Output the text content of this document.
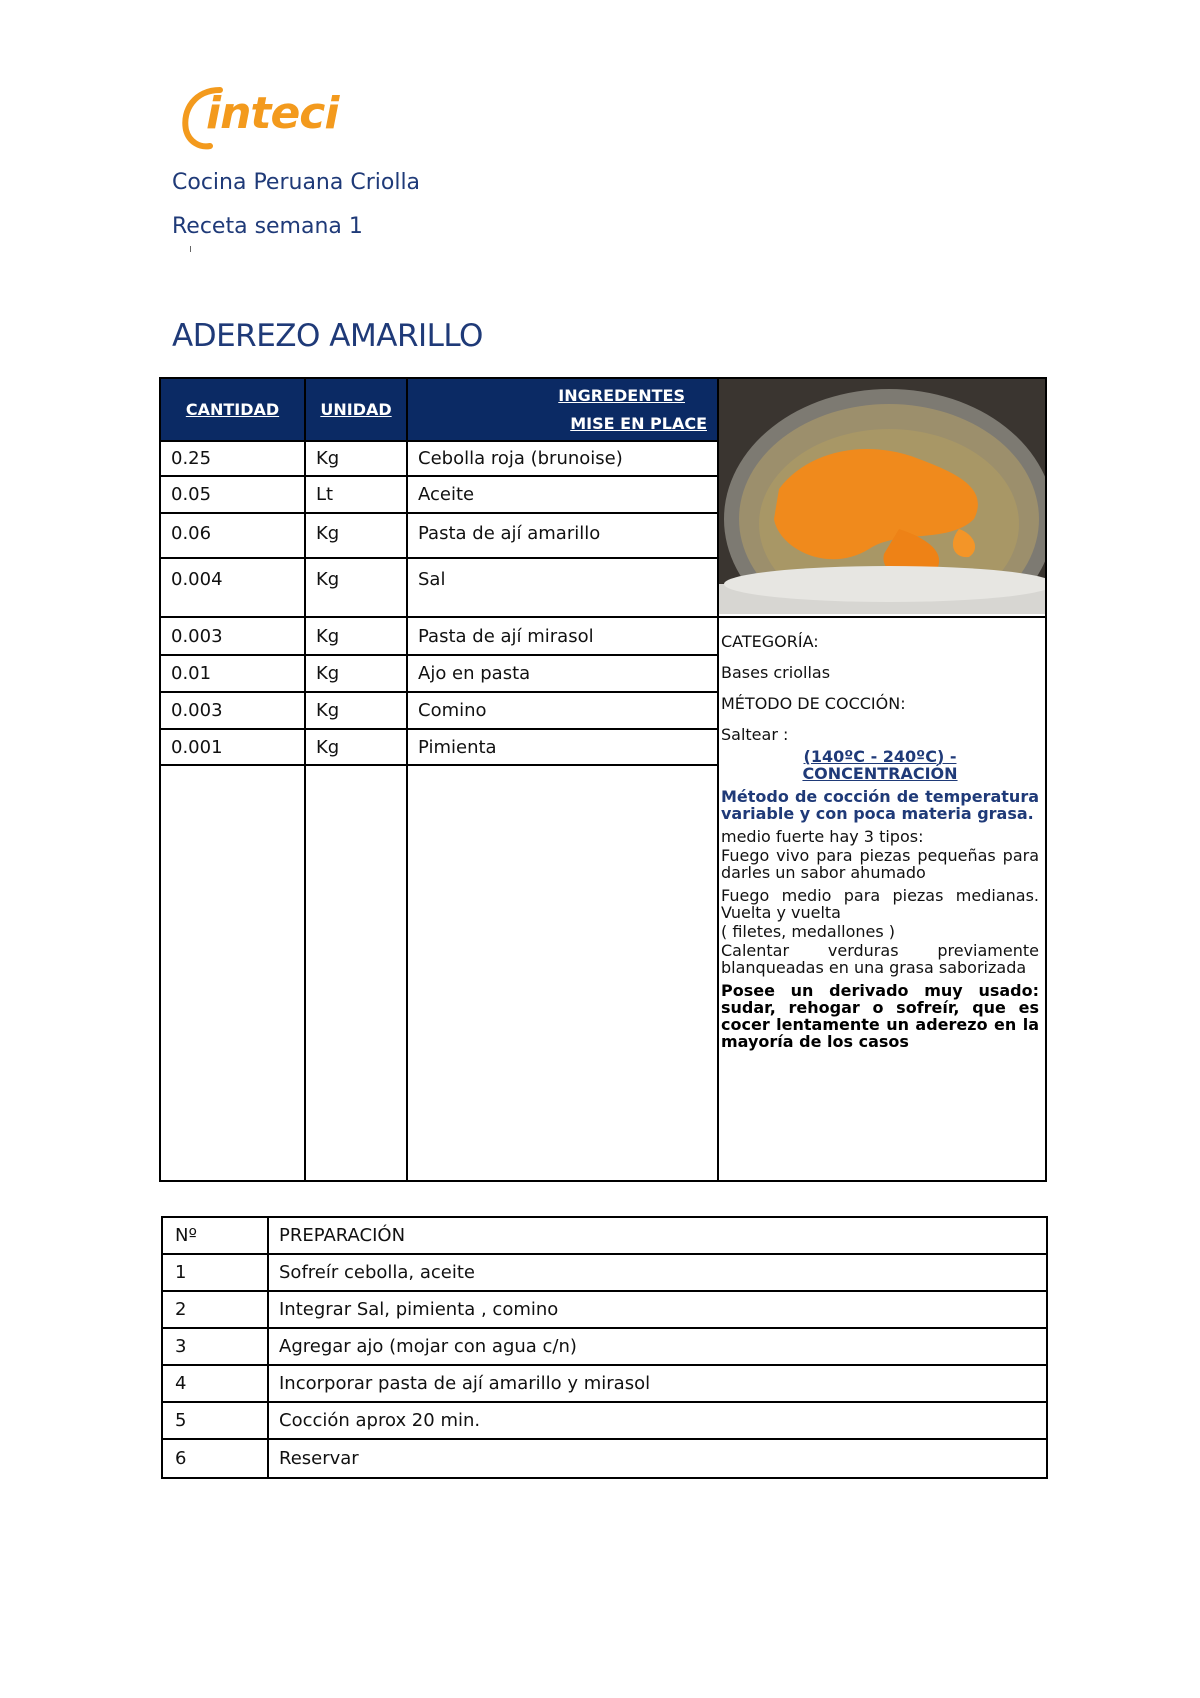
inteci
Cocina Peruana Criolla
Receta semana 1
ADEREZO AMARILLO
CANTIDAD	UNIDAD
INGREDENTES
MISE EN PLACE
0.25	Kg	Cebolla roja (brunoise)
0.05	Lt	Aceite
0.06	Kg	Pasta de ají amarillo
0.004	Kg	Sal
0.003	Kg	Pasta de ají mirasol
0.01	Kg	Ajo en pasta
0.003	Kg	Comino
0.001	Kg	Pimienta
CATEGORÍA:
Bases criollas
MÉTODO DE COCCIÓN:
Saltear :
(140ºC - 240ºC) -
CONCENTRACIÓN
Método de cocción de temperatura variable y con poca materia grasa.
medio fuerte hay 3 tipos:
Fuego vivo para piezas pequeñas para darles un sabor ahumado
Fuego medio para piezas medianas. Vuelta y vuelta
( filetes, medallones )
Calentar verduras previamente blanqueadas en una grasa saborizada
Posee un derivado muy usado: sudar, rehogar o sofreír, que es cocer lentamente un aderezo en la mayoría de los casos
Nº	PREPARACIÓN
1	Sofreír cebolla, aceite
2	Integrar Sal, pimienta , comino
3	Agregar ajo (mojar con agua c/n)
4	Incorporar pasta de ají amarillo y mirasol
5	Cocción aprox 20 min.
6	Reservar
